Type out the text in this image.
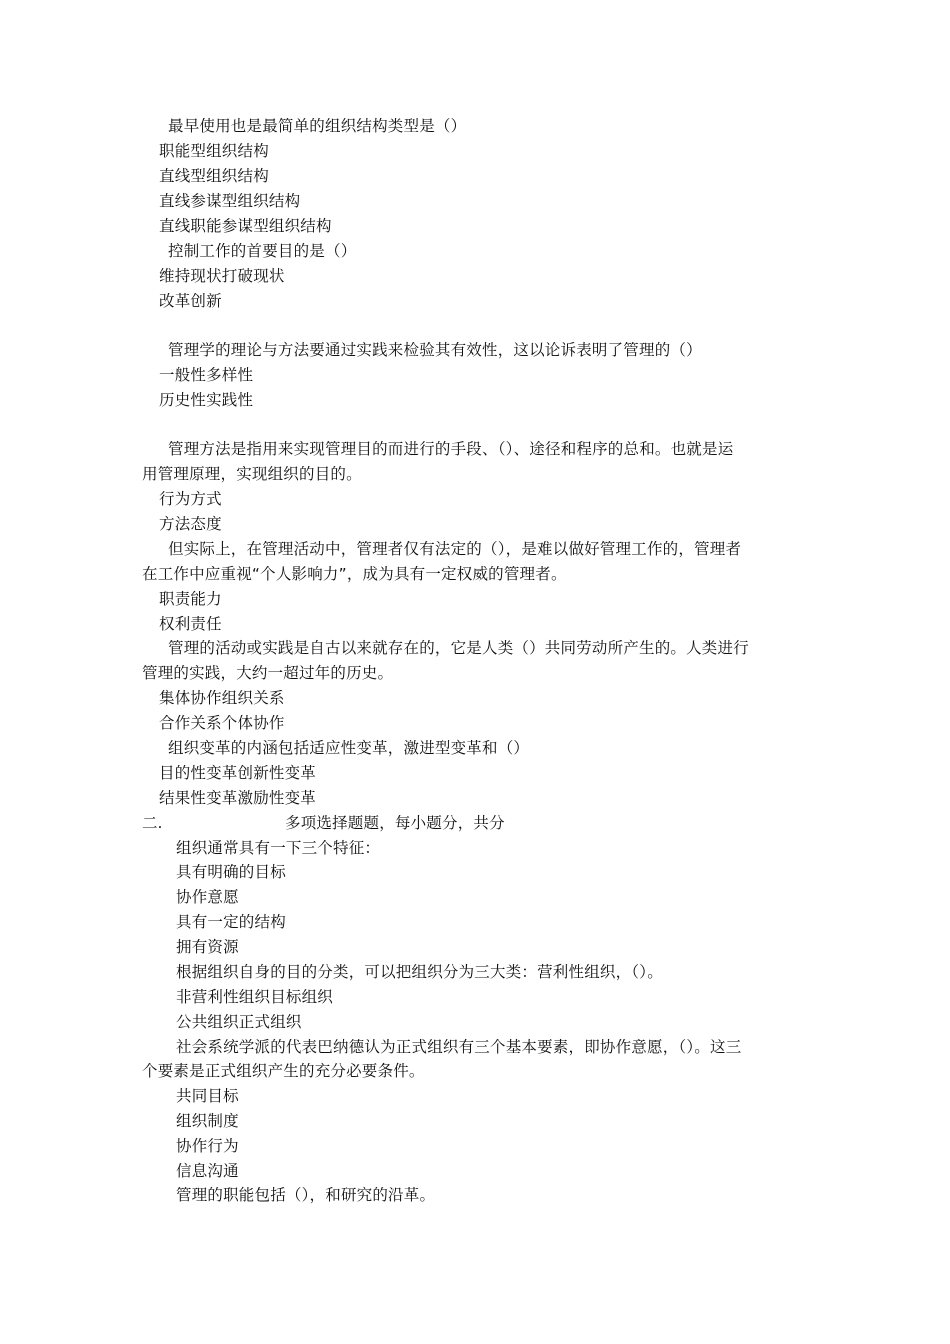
最早使用也是最简单的组织结构类型是（）
职能型组织结构
直线型组织结构
直线参谋型组织结构
直线职能参谋型组织结构
控制工作的首要目的是（）
维持现状打破现状
改革创新
管理学的理论与方法要通过实践来检验其有效性，这以论诉表明了管理的（）
一般性多样性
历史性实践性
管理方法是指用来实现管理目的而进行的手段、（）、途径和程序的总和。也就是运
用管理原理，实现组织的目的。
行为方式
方法态度
但实际上，在管理活动中，管理者仅有法定的（），是难以做好管理工作的，管理者
在工作中应重视“个人影响力”，成为具有一定权威的管理者。
职责能力
权利责任
管理的活动或实践是自古以来就存在的，它是人类（）共同劳动所产生的。人类进行
管理的实践，大约一超过年的历史。
集体协作组织关系
合作关系个体协作
组织变革的内涵包括适应性变革，激进型变革和（）
目的性变革创新性变革
结果性变革激励性变革
二.	多项选择题题，每小题分，共分
组织通常具有一下三个特征：
具有明确的目标
协作意愿
具有一定的结构
拥有资源
根据组织自身的目的分类，可以把组织分为三大类：营利性组织，（）。
非营利性组织目标组织
公共组织正式组织
社会系统学派的代表巴纳德认为正式组织有三个基本要素，即协作意愿，（）。这三
个要素是正式组织产生的充分必要条件。
共同目标
组织制度
协作行为
信息沟通
管理的职能包括（），和研究的沿革。
